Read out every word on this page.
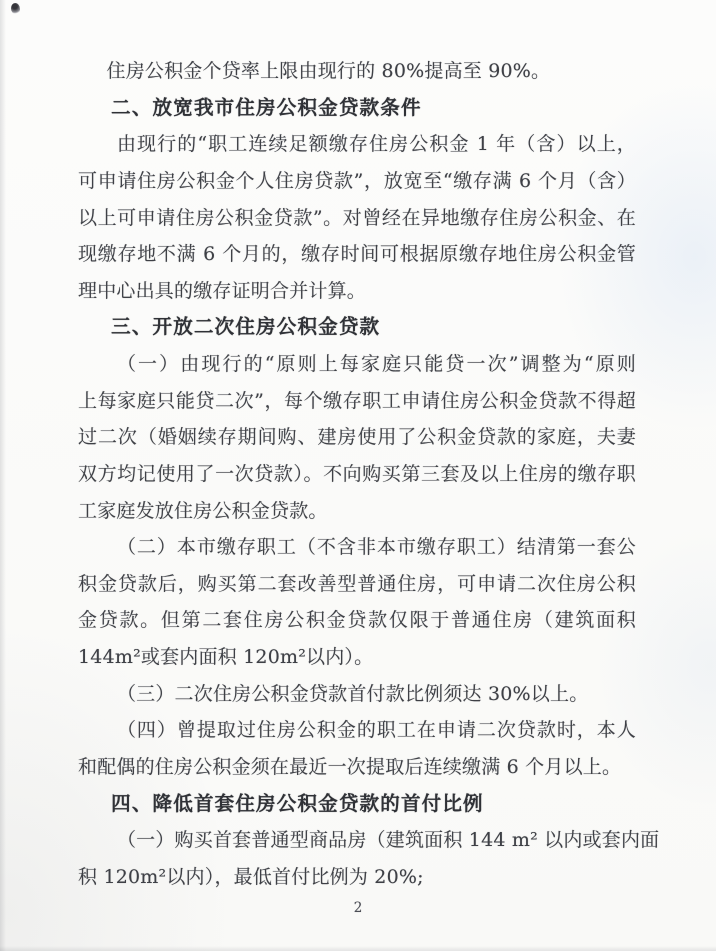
住房公积金个贷率上限由现行的 80%提高至 90%。
二、放宽我市住房公积金贷款条件
由现行的“职工连续足额缴存住房公积金 1 年（含）以上，
可申请住房公积金个人住房贷款”，放宽至“缴存满 6 个月（含）
以上可申请住房公积金贷款”。对曾经在异地缴存住房公积金、在
现缴存地不满 6 个月的，缴存时间可根据原缴存地住房公积金管
理中心出具的缴存证明合并计算。
三、开放二次住房公积金贷款
（一）由现行的“原则上每家庭只能贷一次”调整为“原则
上每家庭只能贷二次”，每个缴存职工申请住房公积金贷款不得超
过二次（婚姻续存期间购、建房使用了公积金贷款的家庭，夫妻
双方均记使用了一次贷款）。不向购买第三套及以上住房的缴存职
工家庭发放住房公积金贷款。
（二）本市缴存职工（不含非本市缴存职工）结清第一套公
积金贷款后，购买第二套改善型普通住房，可申请二次住房公积
金贷款。但第二套住房公积金贷款仅限于普通住房（建筑面积
144m²或套内面积 120m²以内）。
（三）二次住房公积金贷款首付款比例须达 30%以上。
（四）曾提取过住房公积金的职工在申请二次贷款时，本人
和配偶的住房公积金须在最近一次提取后连续缴满 6 个月以上。
四、降低首套住房公积金贷款的首付比例
（一）购买首套普通型商品房（建筑面积 144 m² 以内或套内面
积 120m²以内），最低首付比例为 20%;
2
